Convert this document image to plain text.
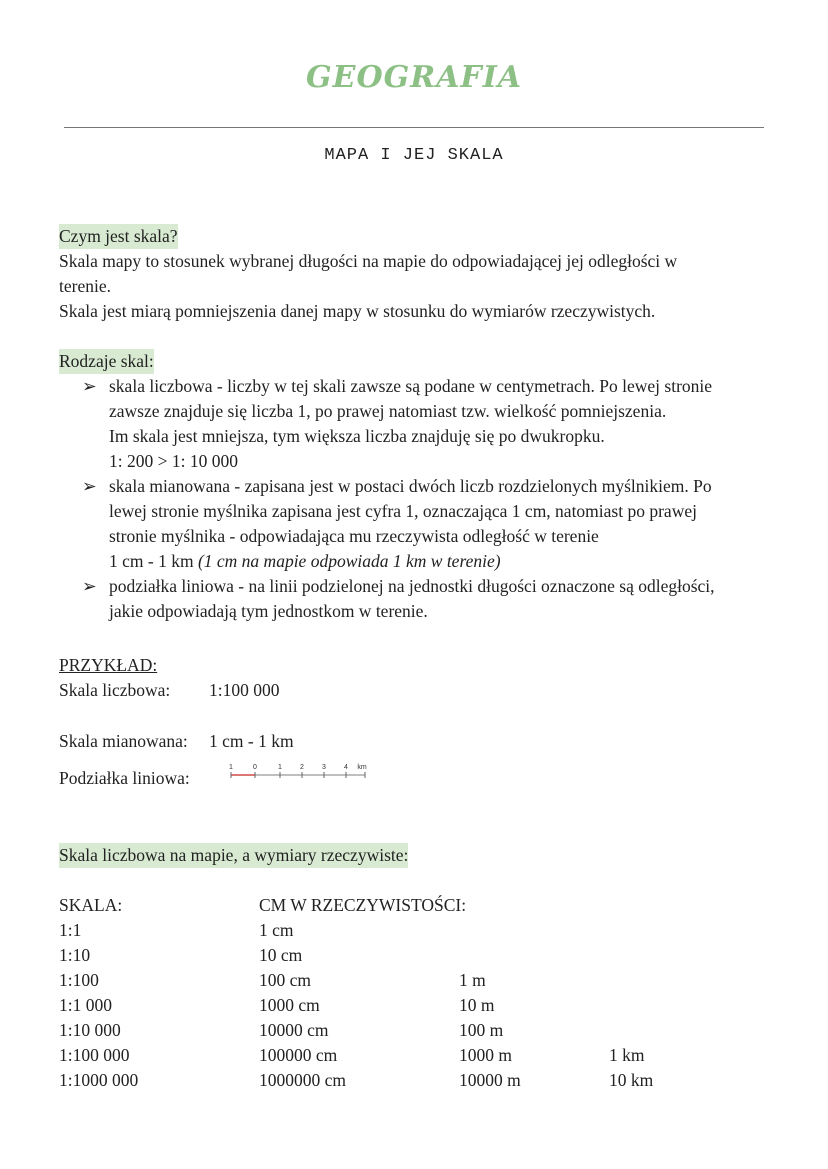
GEOGRAFIA
MAPA I JEJ SKALA
Czym jest skala?
Skala mapy to stosunek wybranej długości na mapie do odpowiadającej jej odległości w
terenie.
Skala jest miarą pomniejszenia danej mapy w stosunku do wymiarów rzeczywistych.
Rodzaje skal:
PRZYKŁAD:
Skala liczbowa: 1:100 000
Skala mianowana: 1 cm - 1 km
Podziałka liniowa:
1	0	1	2	3	4 km
Skala liczbowa na mapie, a wymiary rzeczywiste:
➢ skala liczbowa - liczby w tej skali zawsze są podane w centymetrach. Po lewej stronie
zawsze znajduje się liczba 1, po prawej natomiast tzw. wielkość pomniejszenia.
Im skala jest mniejsza, tym większa liczba znajduję się po dwukropku.
1: 200 > 1: 10 000
➢ skala mianowana - zapisana jest w postaci dwóch liczb rozdzielonych myślnikiem. Po
lewej stronie myślnika zapisana jest cyfra 1, oznaczająca 1 cm, natomiast po prawej
stronie myślnika - odpowiadająca mu rzeczywista odległość w terenie
1 cm - 1 km (1 cm na mapie odpowiada 1 km w terenie)
➢ podziałka liniowa - na linii podzielonej na jednostki długości oznaczone są odległości,
jakie odpowiadają tym jednostkom w terenie.
SKALA:	CM W RZECZYWISTOŚCI:
1:1	1 cm
1:10	10 cm
1:100	100 cm	1 m
1:1 000	1000 cm	10 m
1:10 000	10000 cm	100 m
1:100 000	100000 cm	1000 m	1 km
1:1000 000	1000000 cm	10000 m	10 km
